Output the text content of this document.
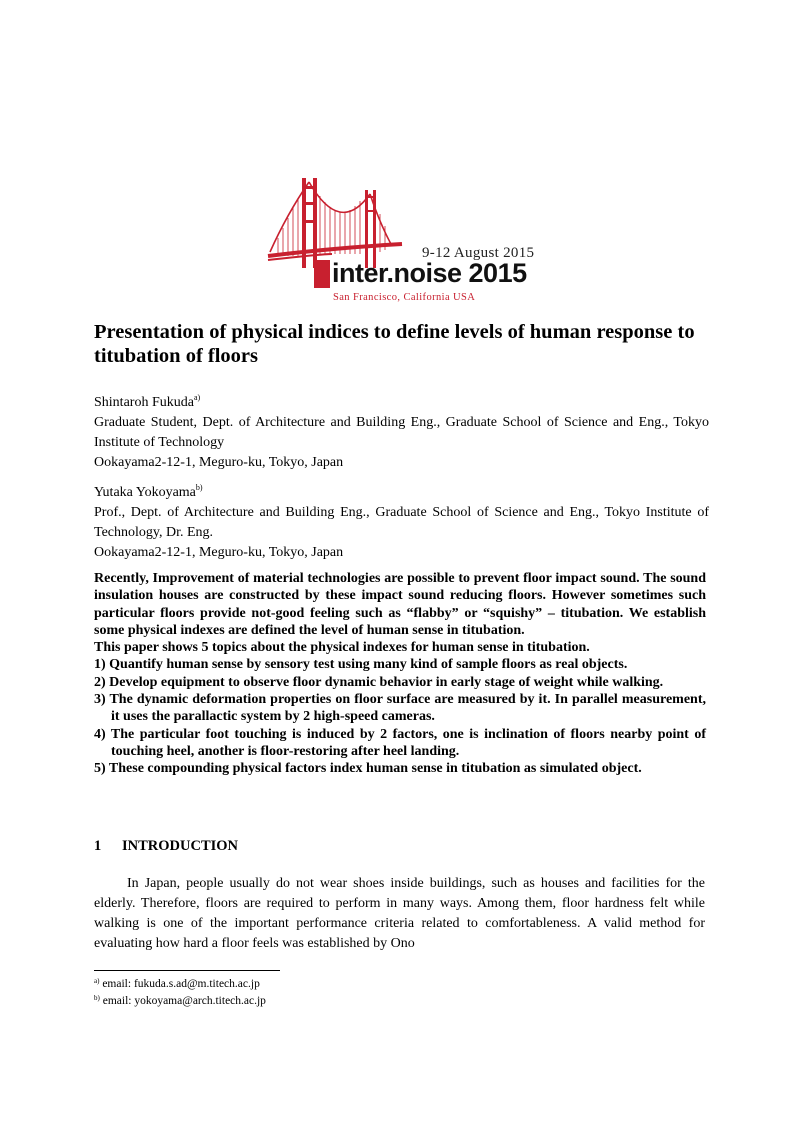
9-12 August 2015
inter.noise 2015
San Francisco, California USA
Presentation of physical indices to define levels of human response to titubation of floors
Shintaroh Fukuda$^{a)}$
Graduate Student, Dept. of Architecture and Building Eng., Graduate School of Science and Eng., Tokyo Institute of Technology
Ookayama2-12-1, Meguro-ku, Tokyo, Japan
Yutaka Yokoyama$^{b)}$
Prof., Dept. of Architecture and Building Eng., Graduate School of Science and Eng., Tokyo Institute of Technology, Dr. Eng.
Ookayama2-12-1, Meguro-ku, Tokyo, Japan

Recently, Improvement of material technologies are possible to prevent floor impact sound. The sound insulation houses are constructed by these impact sound reducing floors. However sometimes such particular floors provide not-good feeling such as “flabby” or “squishy” – titubation. We establish some physical indexes are defined the level of human sense in titubation.

This paper shows 5 topics about the physical indexes for human sense in titubation.

1) Quantify human sense by sensory test using many kind of sample floors as real objects.
2) Develop equipment to observe floor dynamic behavior in early stage of weight while walking.
3) The dynamic deformation properties on floor surface are measured by it. In parallel measurement, it uses the parallactic system by 2 high-speed cameras.
4) The particular foot touching is induced by 2 factors, one is inclination of floors nearby point of touching heel, another is floor-restoring after heel landing.
5) These compounding physical factors index human sense in titubation as simulated object.
1 INTRODUCTION

In Japan, people usually do not wear shoes inside buildings, such as houses and facilities for the elderly. Therefore, floors are required to perform in many ways. Among them, floor hardness felt while walking is one of the important performance criteria related to comfortableness. A valid method for evaluating how hard a floor feels was established by Ono

$^{a)}$ email: fukuda.s.ad@m.titech.ac.jp
$^{b)}$ email: yokoyama@arch.titech.ac.jp
